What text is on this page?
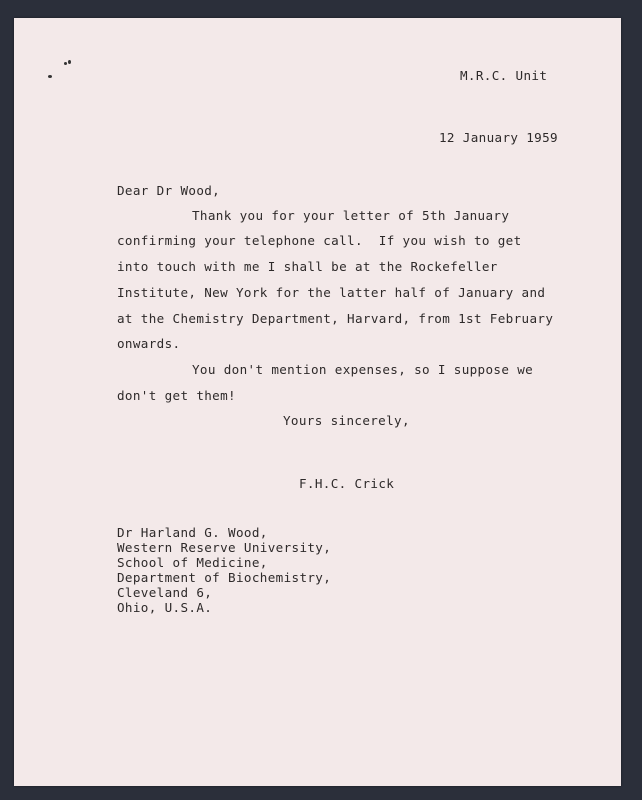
M.R.C. Unit
12 January 1959
Dear Dr Wood,
Thank you for your letter of 5th January
confirming your telephone call.  If you wish to get
into touch with me I shall be at the Rockefeller
Institute, New York for the latter half of January and
at the Chemistry Department, Harvard, from 1st February
onwards.
You don't mention expenses, so I suppose we
don't get them!
Yours sincerely,
F.H.C. Crick
Dr Harland G. Wood,
Western Reserve University,
School of Medicine,
Department of Biochemistry,
Cleveland 6,
Ohio, U.S.A.
